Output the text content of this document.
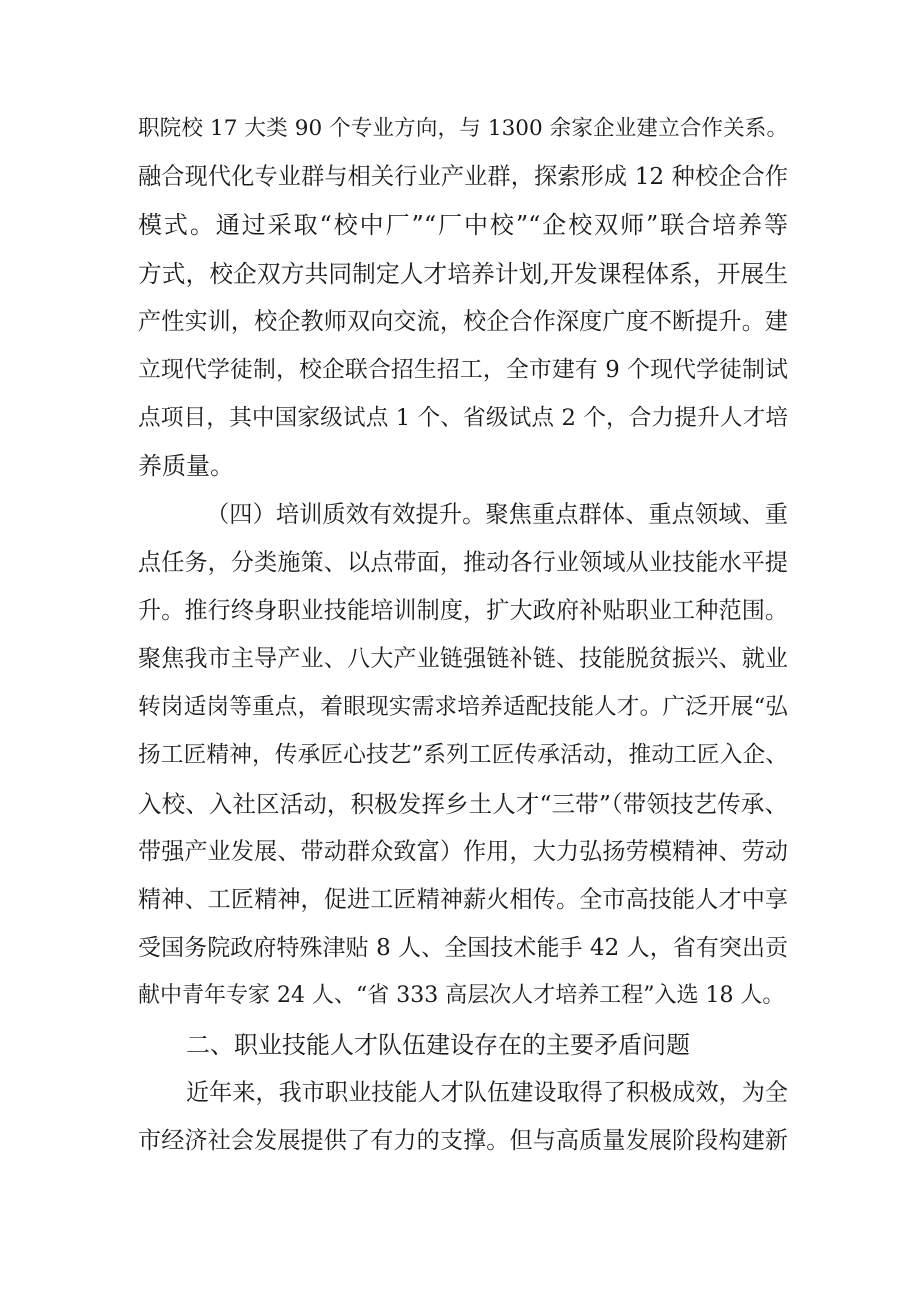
职院校 17 大类 90 个专业方向，与 1300 余家企业建立合作关系。
融合现代化专业群与相关行业产业群，探索形成 12 种校企合作
模式。通过采取“校中厂”“厂中校”“企校双师”联合培养等
方式，校企双方共同制定人才培养计划,开发课程体系，开展生
产性实训，校企教师双向交流，校企合作深度广度不断提升。建
立现代学徒制，校企联合招生招工，全市建有 9 个现代学徒制试
点项目，其中国家级试点 1 个、省级试点 2 个，合力提升人才培
养质量。
（四）培训质效有效提升。聚焦重点群体、重点领域、重
点任务，分类施策、以点带面，推动各行业领域从业技能水平提
升。推行终身职业技能培训制度，扩大政府补贴职业工种范围。
聚焦我市主导产业、八大产业链强链补链、技能脱贫振兴、就业
转岗适岗等重点，着眼现实需求培养适配技能人才。广泛开展“弘
扬工匠精神，传承匠心技艺”系列工匠传承活动，推动工匠入企、
入校、入社区活动，积极发挥乡土人才“三带”（带领技艺传承、
带强产业发展、带动群众致富）作用，大力弘扬劳模精神、劳动
精神、工匠精神，促进工匠精神薪火相传。全市高技能人才中享
受国务院政府特殊津贴 8 人、全国技术能手 42 人，省有突出贡
献中青年专家 24 人、“省 333 高层次人才培养工程”入选 18 人。
二、职业技能人才队伍建设存在的主要矛盾问题
近年来，我市职业技能人才队伍建设取得了积极成效，为全
市经济社会发展提供了有力的支撑。但与高质量发展阶段构建新
